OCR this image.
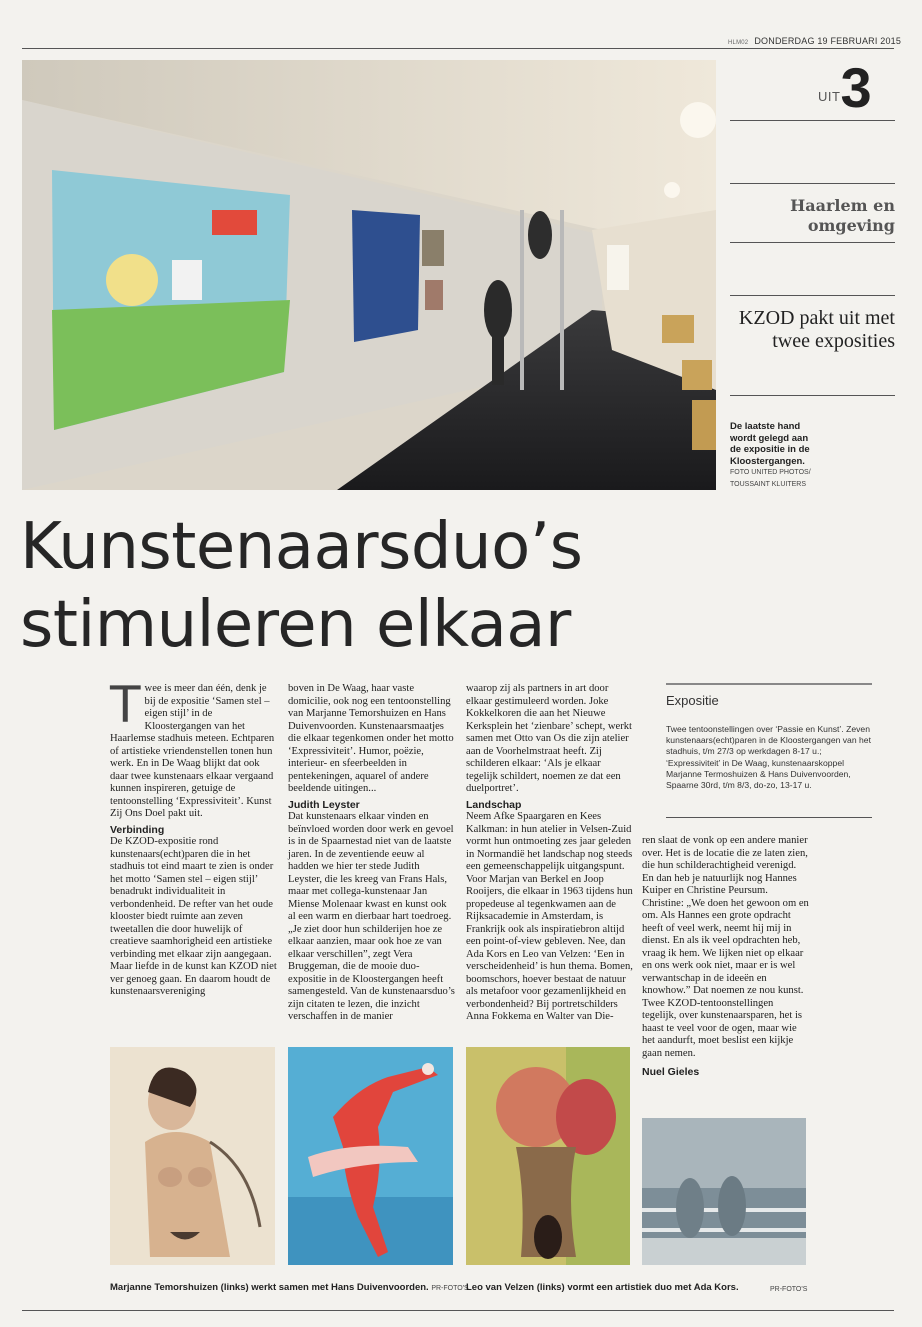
HLM02 DONDERDAG 19 FEBRUARI 2015
$^{UIT}$3
Haarlem en omgeving
KZOD pakt uit met twee exposities
De laatste hand wordt gelegd aan de expositie in de Kloostergangen.
FOTO UNITED PHOTOS/ TOUSSAINT KLUITERS
Kunstenaarsduo’s
stimuleren elkaar
T wee is meer dan één, denk je bij de expositie ‘Samen stel – eigen stijl’ in de Kloostergangen van het Haarlemse stadhuis meteen. Echtparen of artistieke vriendenstellen tonen hun werk. En in De Waag blijkt dat ook daar twee kunstenaars elkaar vergaand kunnen inspireren, getuige de tentoonstelling ‘Expressiviteit’. Kunst Zij Ons Doel pakt uit.

Verbinding

De KZOD-expositie rond kunstenaars(echt)paren die in het stadhuis tot eind maart te zien is onder het motto ‘Samen stel – eigen stijl’ benadrukt individualiteit in verbondenheid. De refter van het oude klooster biedt ruimte aan zeven tweetallen die door huwelijk of creatieve saamhorigheid een artistieke verbinding met elkaar zijn aangegaan.

Maar liefde in de kunst kan KZOD niet ver genoeg gaan. En daarom houdt de kunstenaarsvereniging

boven in De Waag, haar vaste domicilie, ook nog een tentoonstelling van Marjanne Temorshuizen en Hans Duivenvoorden. Kunstenaarsmaatjes die elkaar tegenkomen onder het motto ‘Expressiviteit’. Humor, poëzie, interieur- en sfeerbeelden in pentekeningen, aquarel of andere beeldende uitingen...

Judith Leyster

Dat kunstenaars elkaar vinden en beïnvloed worden door werk en gevoel is in de Spaarnestad niet van de laatste jaren. In de zeventiende eeuw al hadden we hier ter stede Judith Leyster, die les kreeg van Frans Hals, maar met collega-kunstenaar Jan Miense Molenaar kwast en kunst ook al een warm en dierbaar hart toedroeg.

„Je ziet door hun schilderijen hoe ze elkaar aanzien, maar ook hoe ze van elkaar verschillen”, zegt Vera Bruggeman, die de mooie duo-expositie in de Kloostergangen heeft samengesteld. Van de kunstenaarsduo’s zijn citaten te lezen, die inzicht verschaffen in de manier

waarop zij als partners in art door elkaar gestimuleerd worden. Joke Kokkelkoren die aan het Nieuwe Kerksplein het ‘zienbare’ schept, werkt samen met Otto van Os die zijn atelier aan de Voorhelmstraat heeft. Zij schilderen elkaar: ‘Als je elkaar tegelijk schildert, noemen ze dat een duelportret’.

Landschap

Neem Afke Spaargaren en Kees Kalkman: in hun atelier in Velsen-Zuid vormt hun ontmoeting zes jaar geleden in Normandië het landschap nog steeds een gemeenschappelijk uitgangspunt. Voor Marjan van Berkel en Joop Rooijers, die elkaar in 1963 tijdens hun propedeuse al tegenkwamen aan de Rijksacademie in Amsterdam, is Frankrijk ook als inspiratiebron altijd een point-of-view gebleven. Nee, dan Ada Kors en Leo van Velzen: ‘Een in verscheidenheid’ is hun thema. Bomen, boomschors, hoever bestaat de natuur als metafoor voor gezamenlijkheid en verbondenheid? Bij portretschilders Anna Fokkema en Walter van Die-

Expositie
Twee tentoonstellingen over ‘Passie en Kunst’. Zeven kunstenaars(echt)paren in de Kloostergangen van het stadhuis, t/m 27/3 op werkdagen 8-17 u.; ‘Expressiviteit’ in De Waag, kunstenaarskoppel Marjanne Termoshuizen & Hans Duivenvoorden, Spaarne 30rd, t/m 8/3, do-zo, 13-17 u.

ren slaat de vonk op een andere manier over. Het is de locatie die ze laten zien, die hun schilderachtigheid verenigd.

En dan heb je natuurlijk nog Hannes Kuiper en Christine Peursum. Christine: „We doen het gewoon om en om. Als Hannes een grote opdracht heeft of veel werk, neemt hij mij in dienst. En als ik veel opdrachten heb, vraag ik hem. We lijken niet op elkaar en ons werk ook niet, maar er is wel verwantschap in de ideeën en knowhow.” Dat noemen ze nou kunst.

Twee KZOD-tentoonstellingen tegelijk, over kunstenaarsparen, het is haast te veel voor de ogen, maar wie het aandurft, moet beslist een kijkje gaan nemen.

Nuel Gieles

Marjanne Temorshuizen (links) werkt samen met Hans Duivenvoorden. PR-FOTO'S
Leo van Velzen (links) vormt een artistiek duo met Ada Kors.	PR-FOTO'S
